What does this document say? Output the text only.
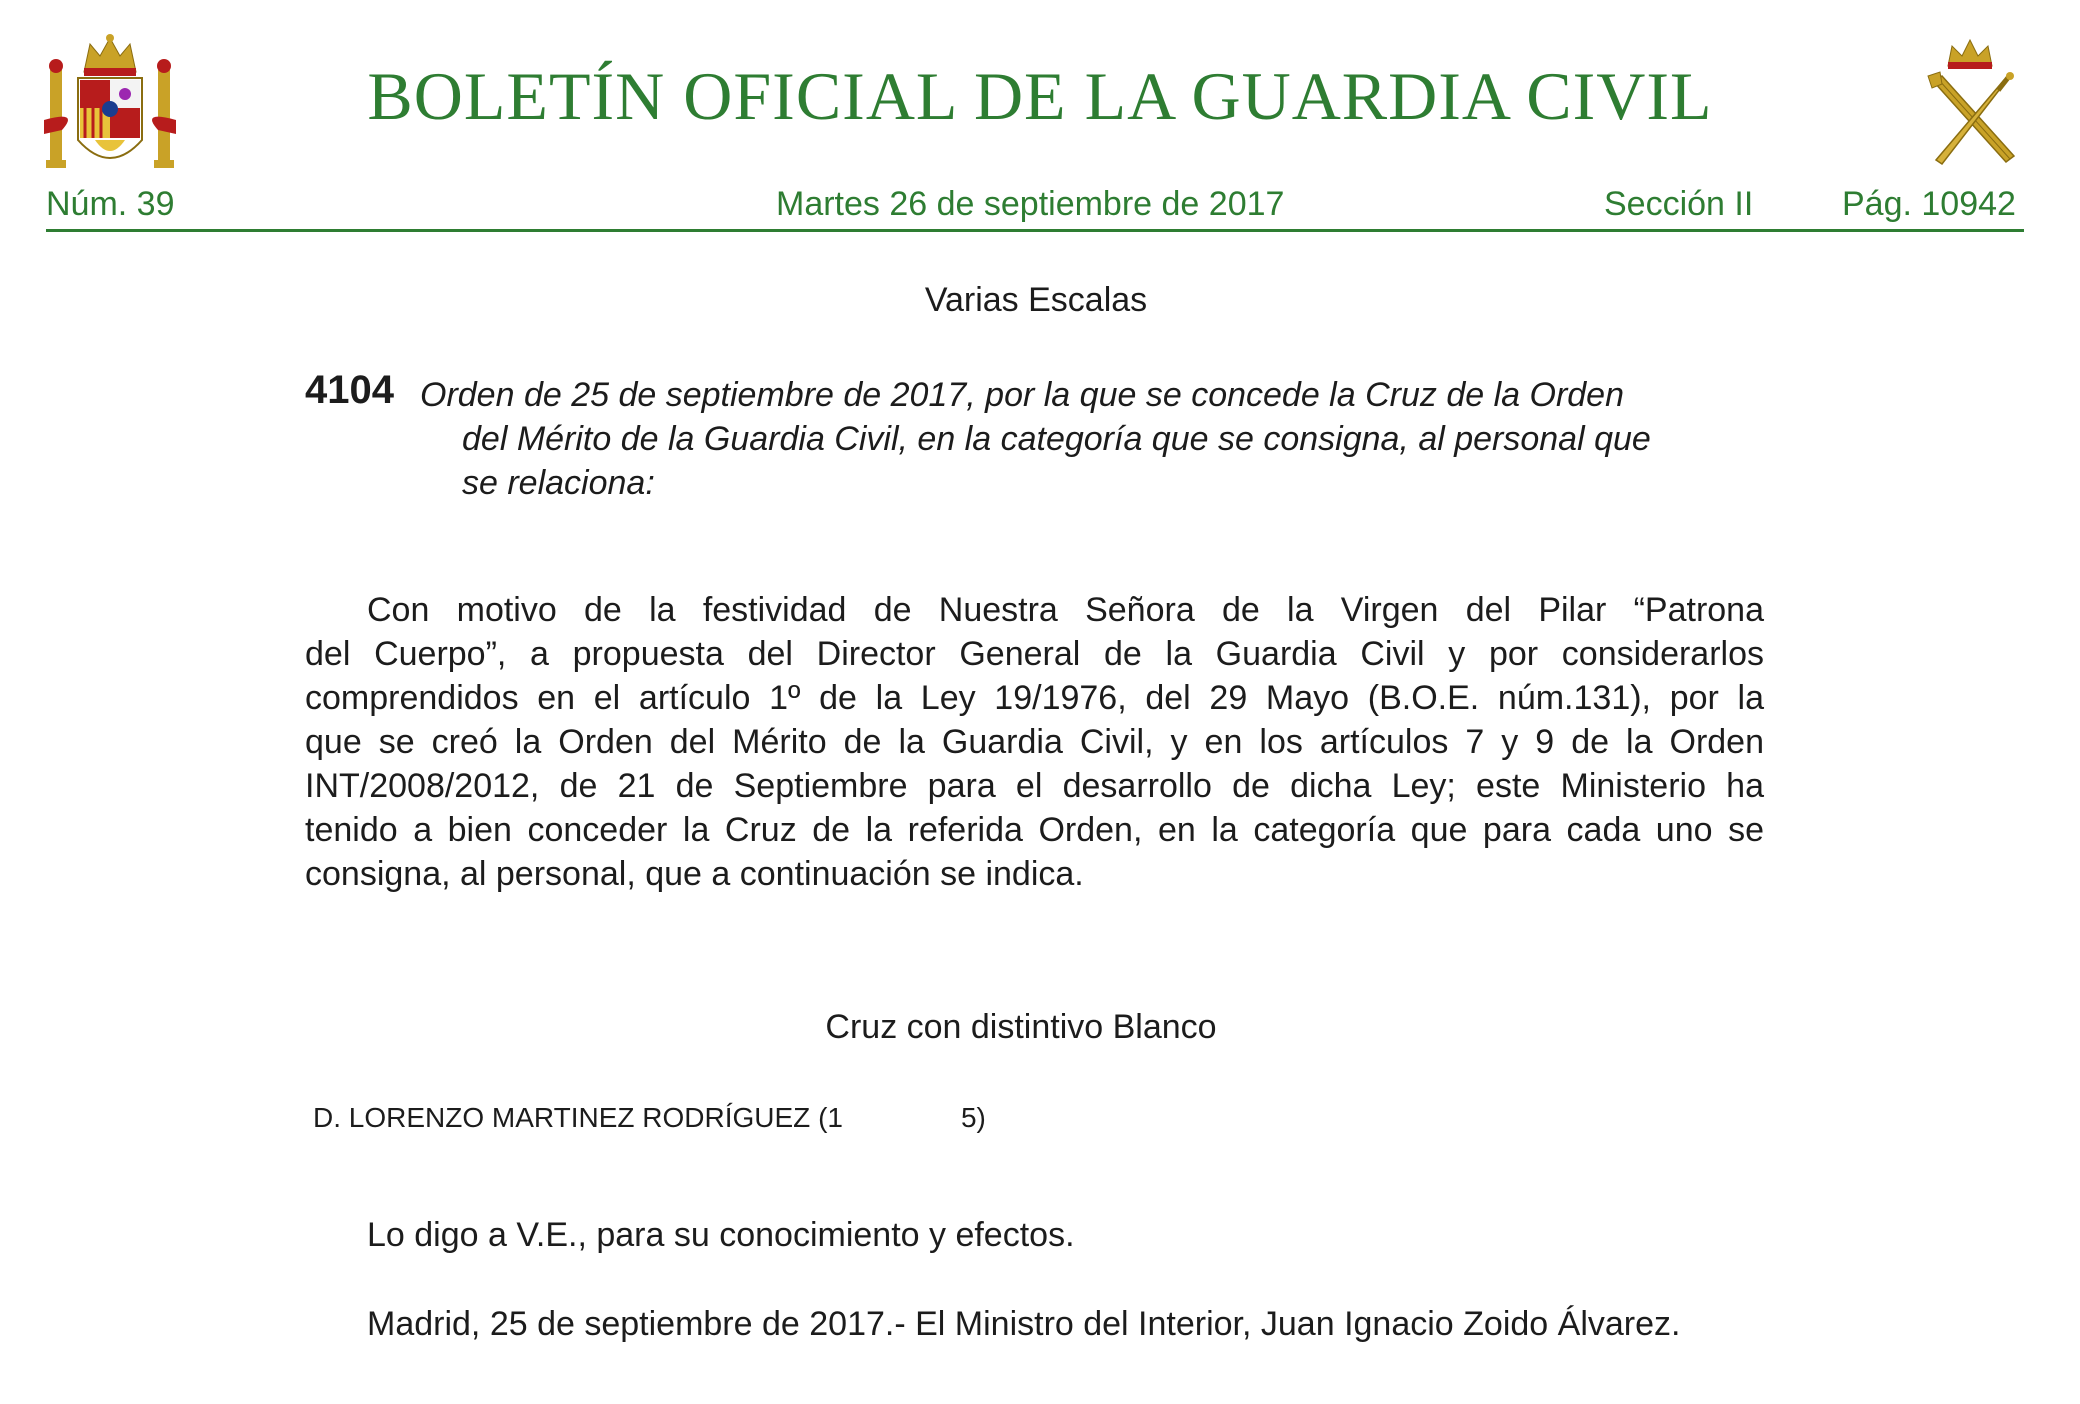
BOLETÍN OFICIAL DE LA GUARDIA CIVIL
Núm. 39	Martes 26 de septiembre de 2017	Sección II	Pág. 10942
Varias Escalas
4104 Orden de 25 de septiembre de 2017, por la que se concede la Cruz de la Orden
del Mérito de la Guardia Civil, en la categoría que se consigna, al personal que
se relaciona:
Con motivo de la festividad de Nuestra Señora de la Virgen del Pilar “Patrona
del Cuerpo”, a propuesta del Director General de la Guardia Civil y por considerarlos
comprendidos en el artículo 1º de la Ley 19/1976, del 29 Mayo (B.O.E. núm.131), por la
que se creó la Orden del Mérito de la Guardia Civil, y en los artículos 7 y 9 de la Orden
INT/2008/2012, de 21 de Septiembre para el desarrollo de dicha Ley; este Ministerio ha
tenido a bien conceder la Cruz de la referida Orden, en la categoría que para cada uno se
consigna, al personal, que a continuación se indica.
Cruz con distintivo Blanco
D. LORENZO MARTINEZ RODRÍGUEZ (1	5)
Lo digo a V.E., para su conocimiento y efectos.
Madrid, 25 de septiembre de 2017.- El Ministro del Interior, Juan Ignacio Zoido Álvarez.
